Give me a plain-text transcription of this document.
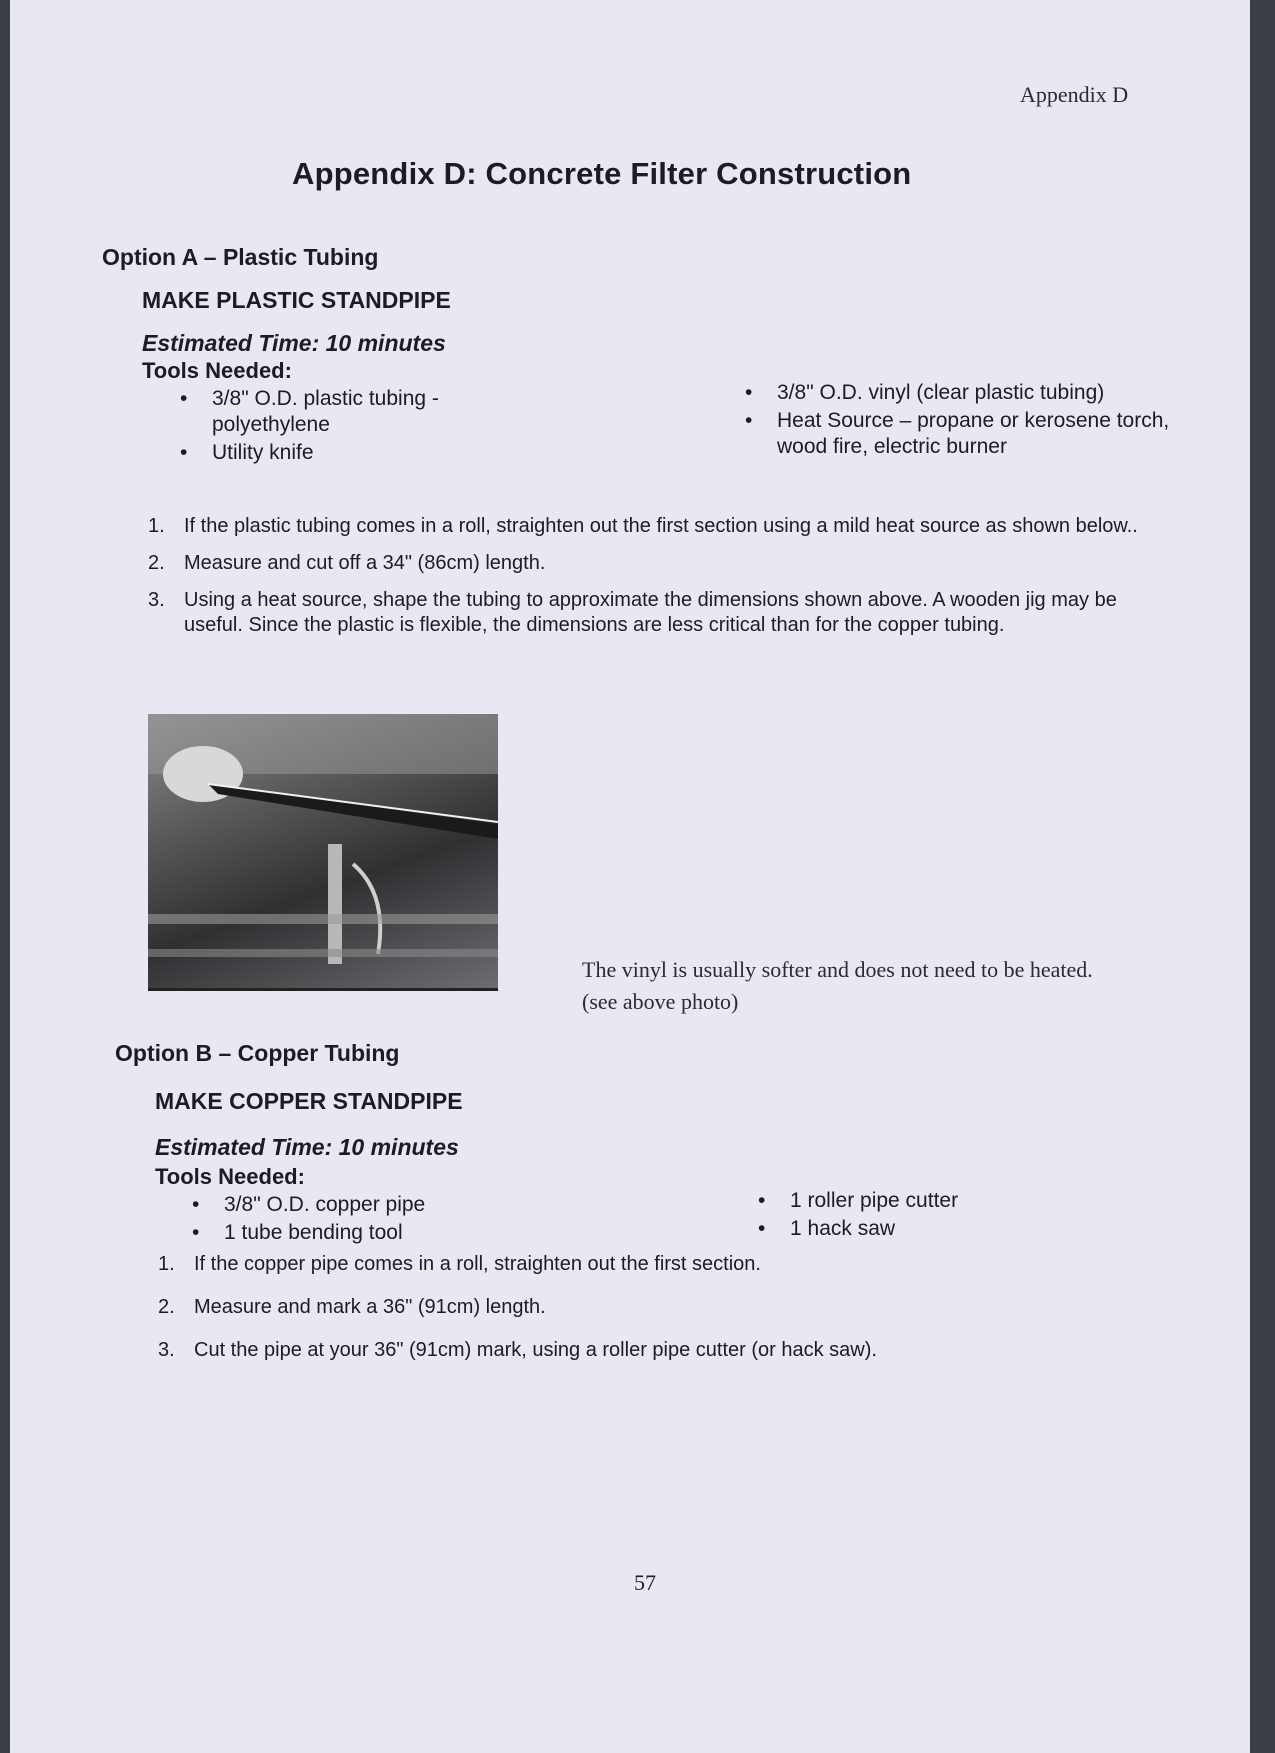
Appendix D
Appendix D: Concrete Filter Construction
Option A – Plastic Tubing
MAKE PLASTIC STANDPIPE
Estimated Time: 10 minutes
Tools Needed:
• 3/8" O.D. plastic tubing - polyethylene
• Utility knife
• 3/8" O.D. vinyl (clear plastic tubing)
• Heat Source – propane or kerosene torch, wood fire, electric burner
1. If the plastic tubing comes in a roll, straighten out the first section using a mild heat source as shown below..
2. Measure and cut off a 34" (86cm) length.
3. Using a heat source, shape the tubing to approximate the dimensions shown above. A wooden jig may be useful. Since the plastic is flexible, the dimensions are less critical than for the copper tubing.
The vinyl is usually softer and does not need to be heated.
(see above photo)
Option B – Copper Tubing
MAKE COPPER STANDPIPE
Estimated Time: 10 minutes
Tools Needed:
• 3/8" O.D. copper pipe
• 1 tube bending tool
• 1 roller pipe cutter
• 1 hack saw
1. If the copper pipe comes in a roll, straighten out the first section.
2. Measure and mark a 36" (91cm) length.
3. Cut the pipe at your 36" (91cm) mark, using a roller pipe cutter (or hack saw).
57
